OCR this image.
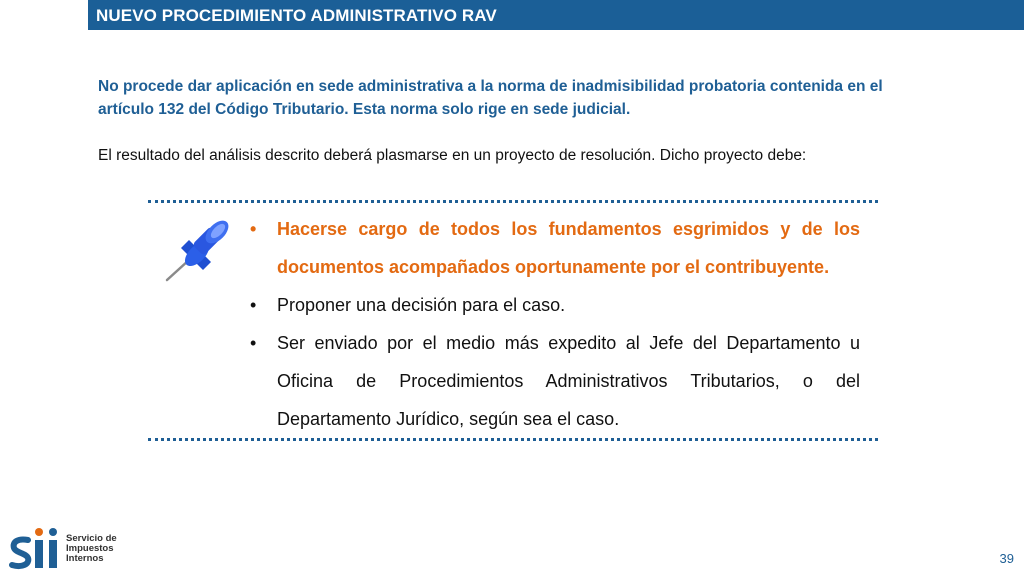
NUEVO PROCEDIMIENTO ADMINISTRATIVO RAV
No procede dar aplicación en sede administrativa a la norma de inadmisibilidad probatoria contenida en el artículo 132 del Código Tributario. Esta norma solo rige en sede judicial.
El resultado del análisis descrito deberá plasmarse en un proyecto de resolución. Dicho proyecto debe:
• Hacerse cargo de todos los fundamentos esgrimidos y de los documentos acompañados oportunamente por el contribuyente.
• Proponer una decisión para el caso.
• Ser enviado por el medio más expedito al Jefe del Departamento u Oficina de Procedimientos Administrativos Tributarios, o del Departamento Jurídico, según sea el caso.
Servicio de
Impuestos
Internos	39
